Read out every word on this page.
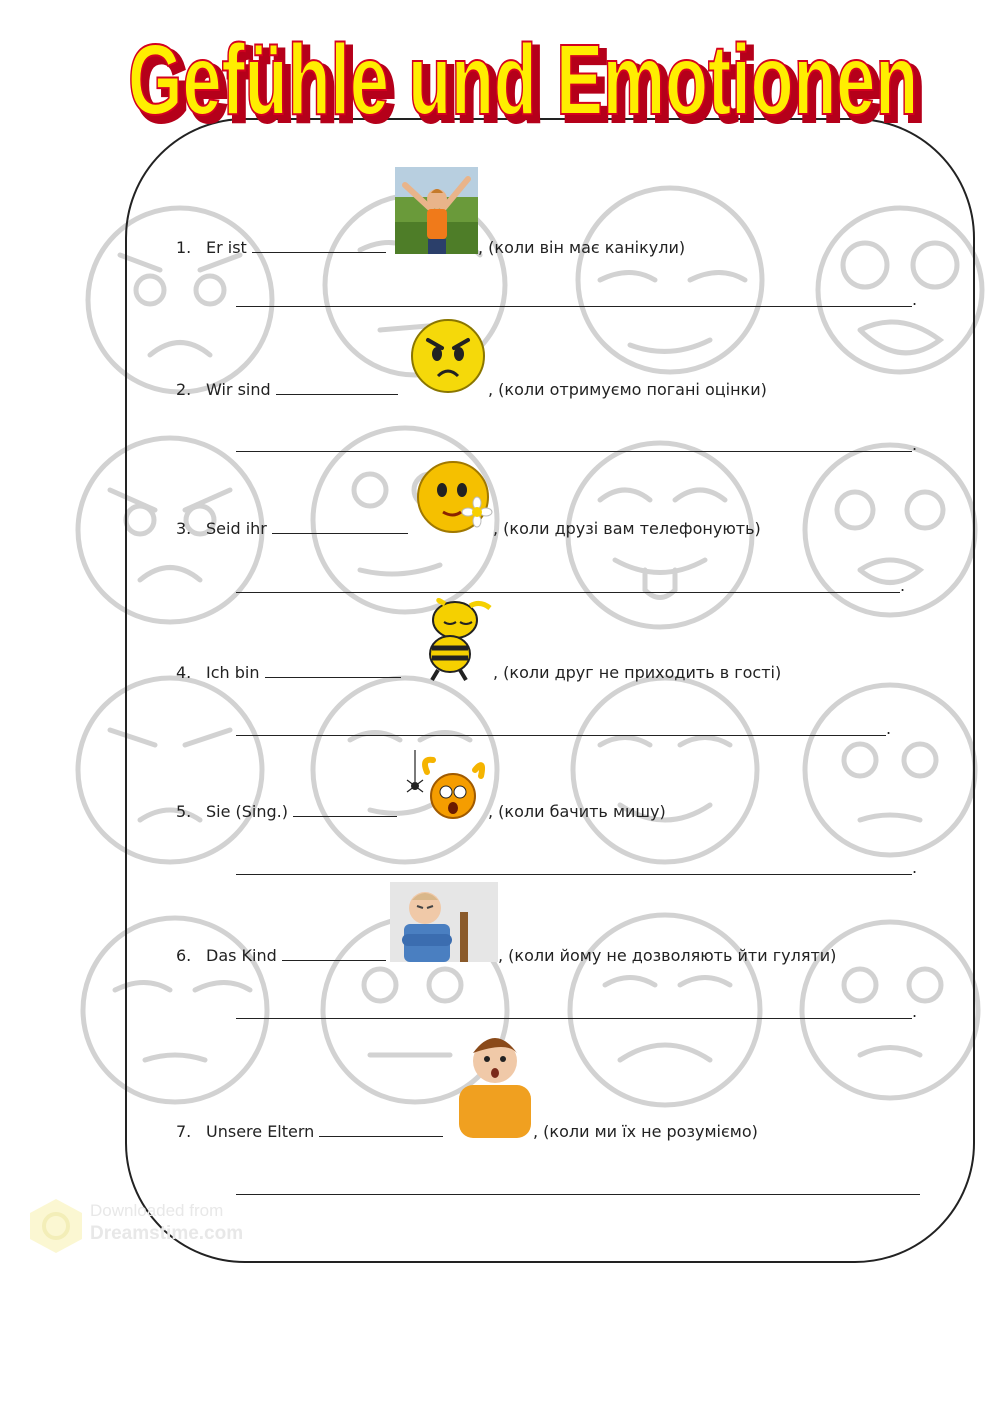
Gefühle und Emotionen
Gefühle und Emotionen
1. Er ist	, (коли він має канікули)
.
2. Wir sind	, (коли отримуємо погані оцінки)
.
3. Seid ihr	, (коли друзі вам телефонують)
.
4. Ich bin	, (коли друг не приходить в гості)
.
5. Sie (Sing.)	, (коли бачить мишу)
.
6. Das Kind	, (коли йому не дозволяють йти гуляти)
.
7. Unsere Eltern	, (коли ми їх не розуміємо)
Downloaded from
Dreamstime.com
